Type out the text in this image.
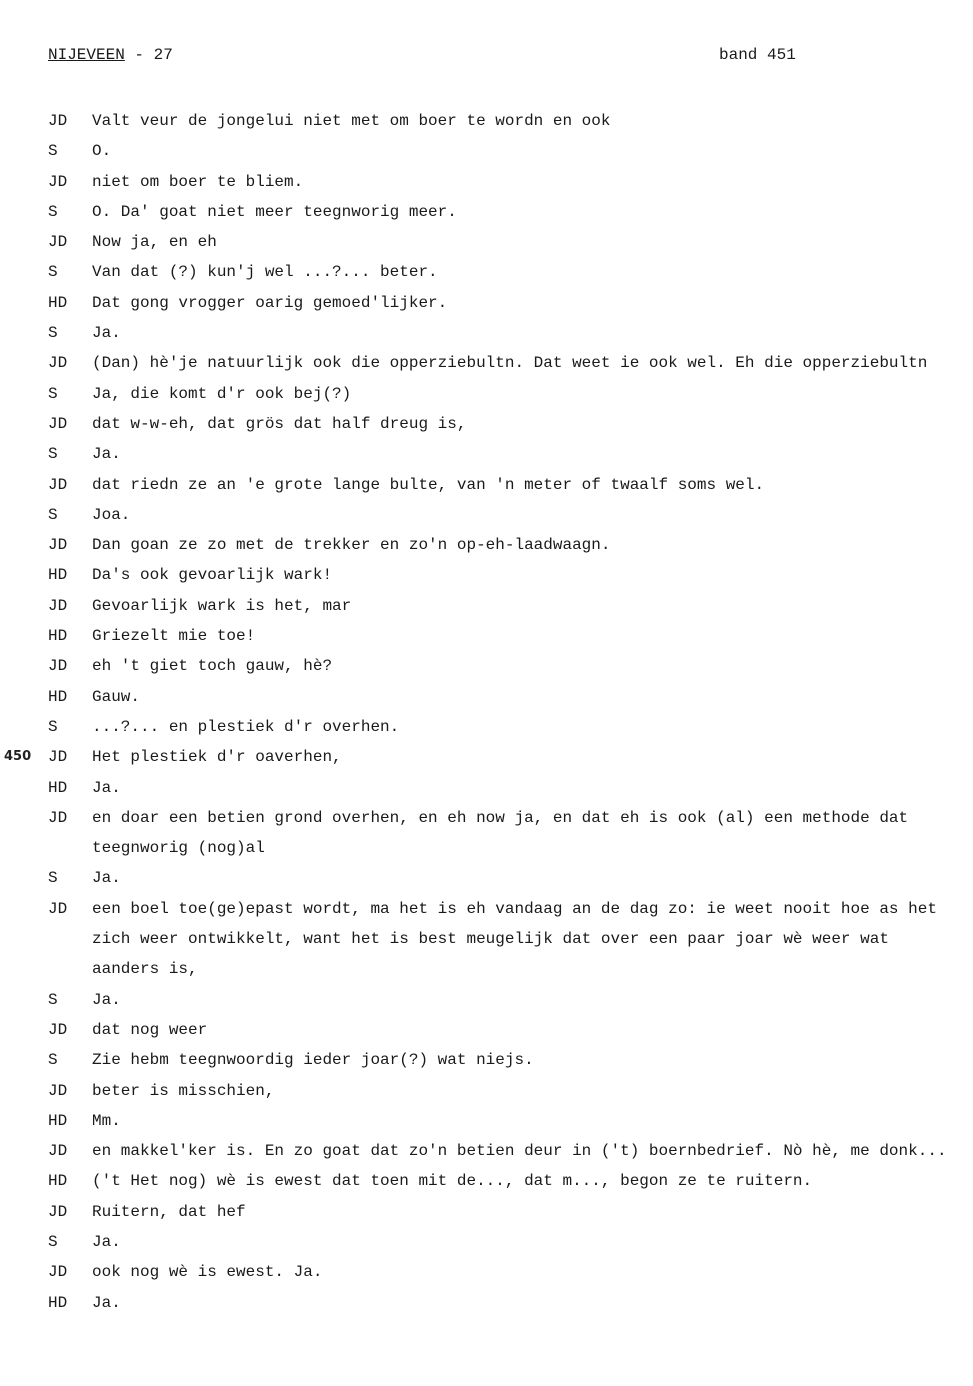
NIJEVEEN - 27	band 451
JD	Valt veur de jongelui niet met om boer te wordn en ook
S	O.
JD	niet om boer te bliem.
S	O. Da' goat niet meer teegnworig meer.
JD	Now ja, en eh
S	Van dat (?) kun'j wel ...?... beter.
HD	Dat gong vrogger oarig gemoed'lijker.
S	Ja.
JD	(Dan) hè'je natuurlijk ook die opperziebultn. Dat weet ie ook wel. Eh die opperziebultn
S	Ja, die komt d'r ook bej(?)
JD	dat w-w-eh, dat grös dat half dreug is,
S	Ja.
JD	dat riedn ze an 'e grote lange bulte, van 'n meter of twaalf soms wel.
S	Joa.
JD	Dan goan ze zo met de trekker en zo'n op-eh-laadwaagn.
HD	Da's ook gevoarlijk wark!
JD	Gevoarlijk wark is het, mar
HD	Griezelt mie toe!
JD	eh 't giet toch gauw, hè?
HD	Gauw.
S	...?... en plestiek d'r overhen.
450 JD	Het plestiek d'r oaverhen,
HD	Ja.
JD	en doar een betien grond overhen, en eh now ja, en dat eh is ook (al) een methode dat teegnworig (nog)al
S	Ja.
JD	een boel toe(ge)epast wordt, ma het is eh vandaag an de dag zo: ie weet nooit hoe as het zich weer ontwikkelt, want het is best meugelijk dat over een paar joar wè weer wat aanders is,
S	Ja.
JD	dat nog weer
S	Zie hebm teegnwoordig ieder joar(?) wat niejs.
JD	beter is misschien,
HD	Mm.
JD	en makkel'ker is. En zo goat dat zo'n betien deur in ('t) boernbedrief. Nò hè, me donk...
HD	('t Het nog) wè is ewest dat toen mit de..., dat m..., begon ze te ruitern.
JD	Ruitern, dat hef
S	Ja.
JD	ook nog wè is ewest. Ja.
HD	Ja.
